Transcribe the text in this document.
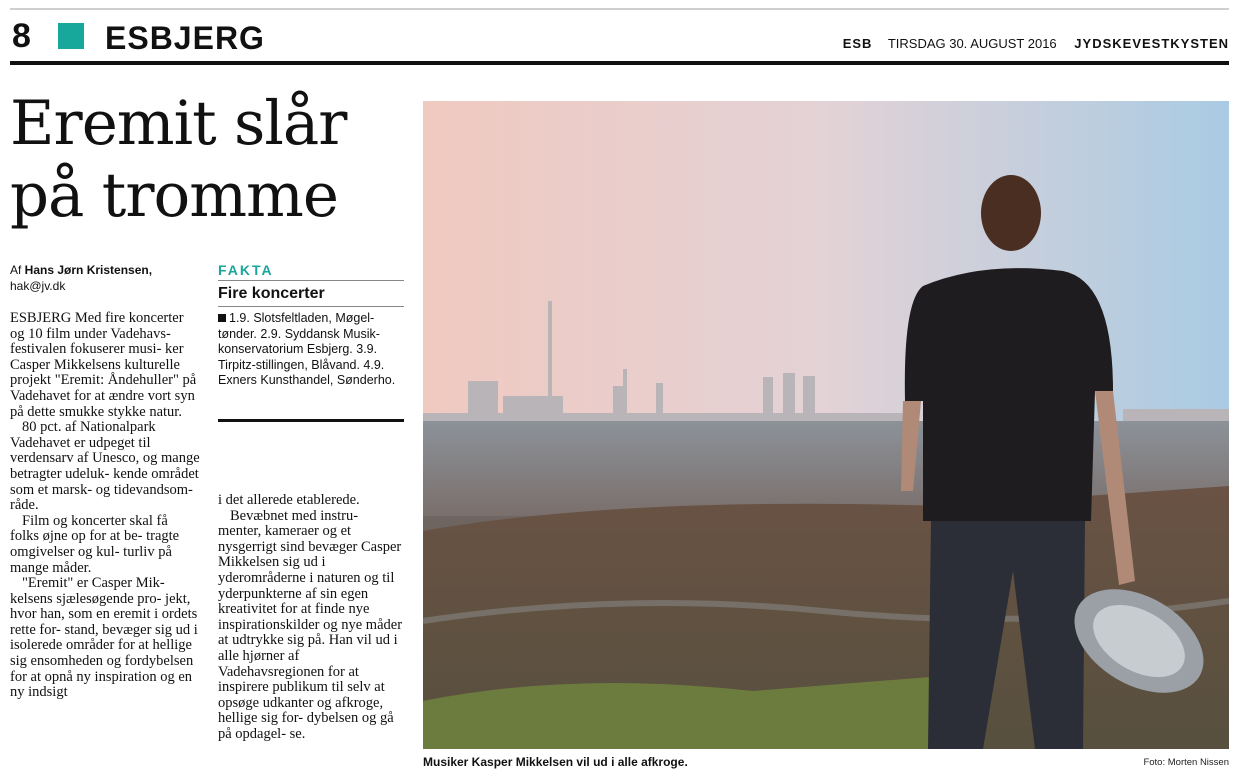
8 ESBJERG	ESB TIRSDAG 30. AUGUST 2016 JYDSKEVESTKYSTEN
Eremit slår
på tromme
Af Hans Jørn Kristensen,
hak@jv.dk

ESBJERG Med fire koncerter og 10 film under Vadehavs- festivalen fokuserer musi- ker Casper Mikkelsens kulturelle projekt "Eremit: Åndehuller" på Vadehavet for at ændre vort syn på dette smukke stykke natur.

80 pct. af Nationalpark Vadehavet er udpeget til verdensarv af Unesco, og mange betragter udeluk- kende området som et marsk- og tidevandsom- råde.

Film og koncerter skal få folks øjne op for at be- tragte omgivelser og kul- turliv på mange måder.

"Eremit" er Casper Mik- kelsens sjælesøgende pro- jekt, hvor han, som en eremit i ordets rette for- stand, bevæger sig ud i isolerede områder for at hellige sig ensomheden og fordybelsen for at opnå ny inspiration og en ny indsigt

FAKTA
Fire koncerter
1.9. Slotsfeltladen, Møgel- tønder. 2.9. Syddansk Musik- konservatorium Esbjerg. 3.9. Tirpitz-stillingen, Blåvand. 4.9. Exners Kunsthandel, Sønderho.

i det allerede etablerede.

Bevæbnet med instru- menter, kameraer og et nysgerrigt sind bevæger Casper Mikkelsen sig ud i yderområderne i naturen og til yderpunkterne af sin egen kreativitet for at finde nye inspirationskilder og nye måder at udtrykke sig på. Han vil ud i alle hjørner af Vadehavsregionen for at inspirere publikum til selv at opsøge udkanter og afkroge, hellige sig for- dybelsen og gå på opdagel- se.

Musiker Kasper Mikkelsen vil ud i alle afkroge.	Foto: Morten Nissen
